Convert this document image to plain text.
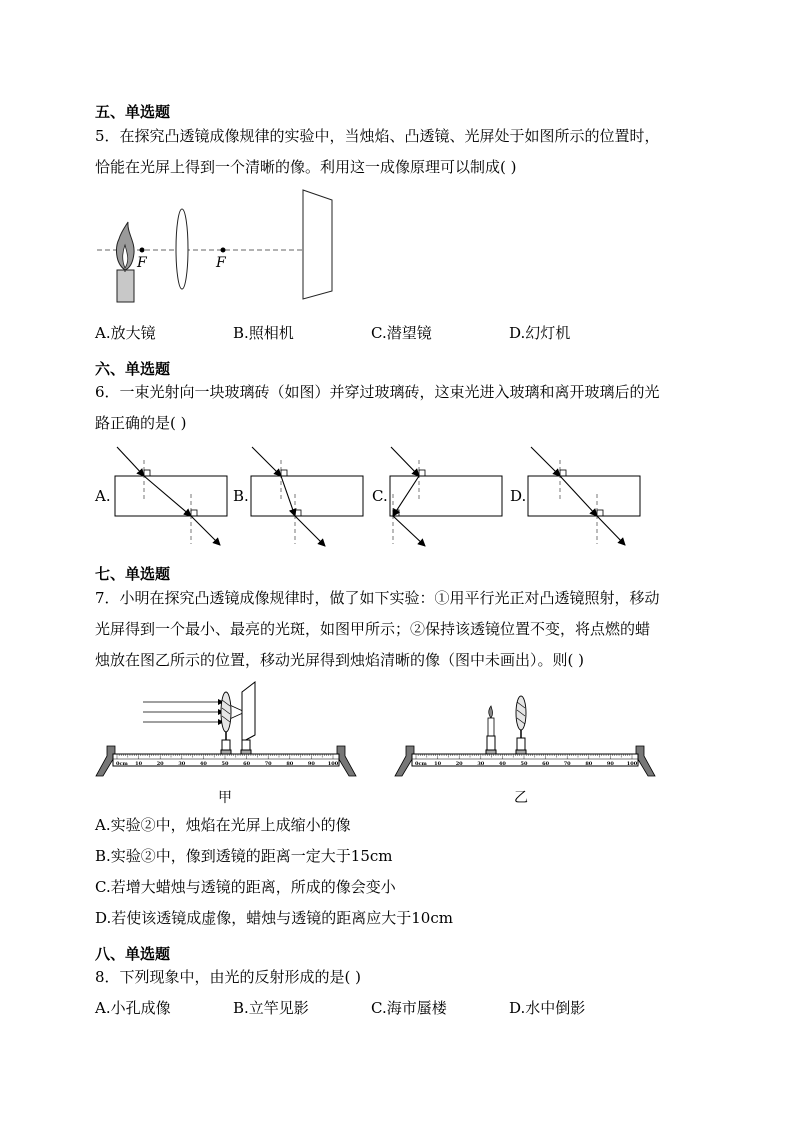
五、单选题
5．在探究凸透镜成像规律的实验中，当烛焰、凸透镜、光屏处于如图所示的位置时，
恰能在光屏上得到一个清晰的像。利用这一成像原理可以制成( )
F	F
A.放大镜	B.照相机	C.潜望镜	D.幻灯机
六、单选题
6．一束光射向一块玻璃砖（如图）并穿过玻璃砖，这束光进入玻璃和离开玻璃后的光
路正确的是( )
A.	B.	C.	D.
七、单选题
7．小明在探究凸透镜成像规律时，做了如下实验：①用平行光正对凸透镜照射，移动
光屏得到一个最小、最亮的光斑，如图甲所示；②保持该透镜位置不变，将点燃的蜡
烛放在图乙所示的位置，移动光屏得到烛焰清晰的像（图中未画出）。则( )
0cm 10	20	30	40	50	60	70	80	90	100
甲
0cm 10	20	30	40	50	60	70	80	90	100
乙
A.实验②中，烛焰在光屏上成缩小的像
B.实验②中，像到透镜的距离一定大于15cm
C.若增大蜡烛与透镜的距离，所成的像会变小
D.若使该透镜成虚像，蜡烛与透镜的距离应大于10cm
八、单选题
8．下列现象中，由光的反射形成的是( )
A.小孔成像	B.立竿见影	C.海市蜃楼	D.水中倒影
